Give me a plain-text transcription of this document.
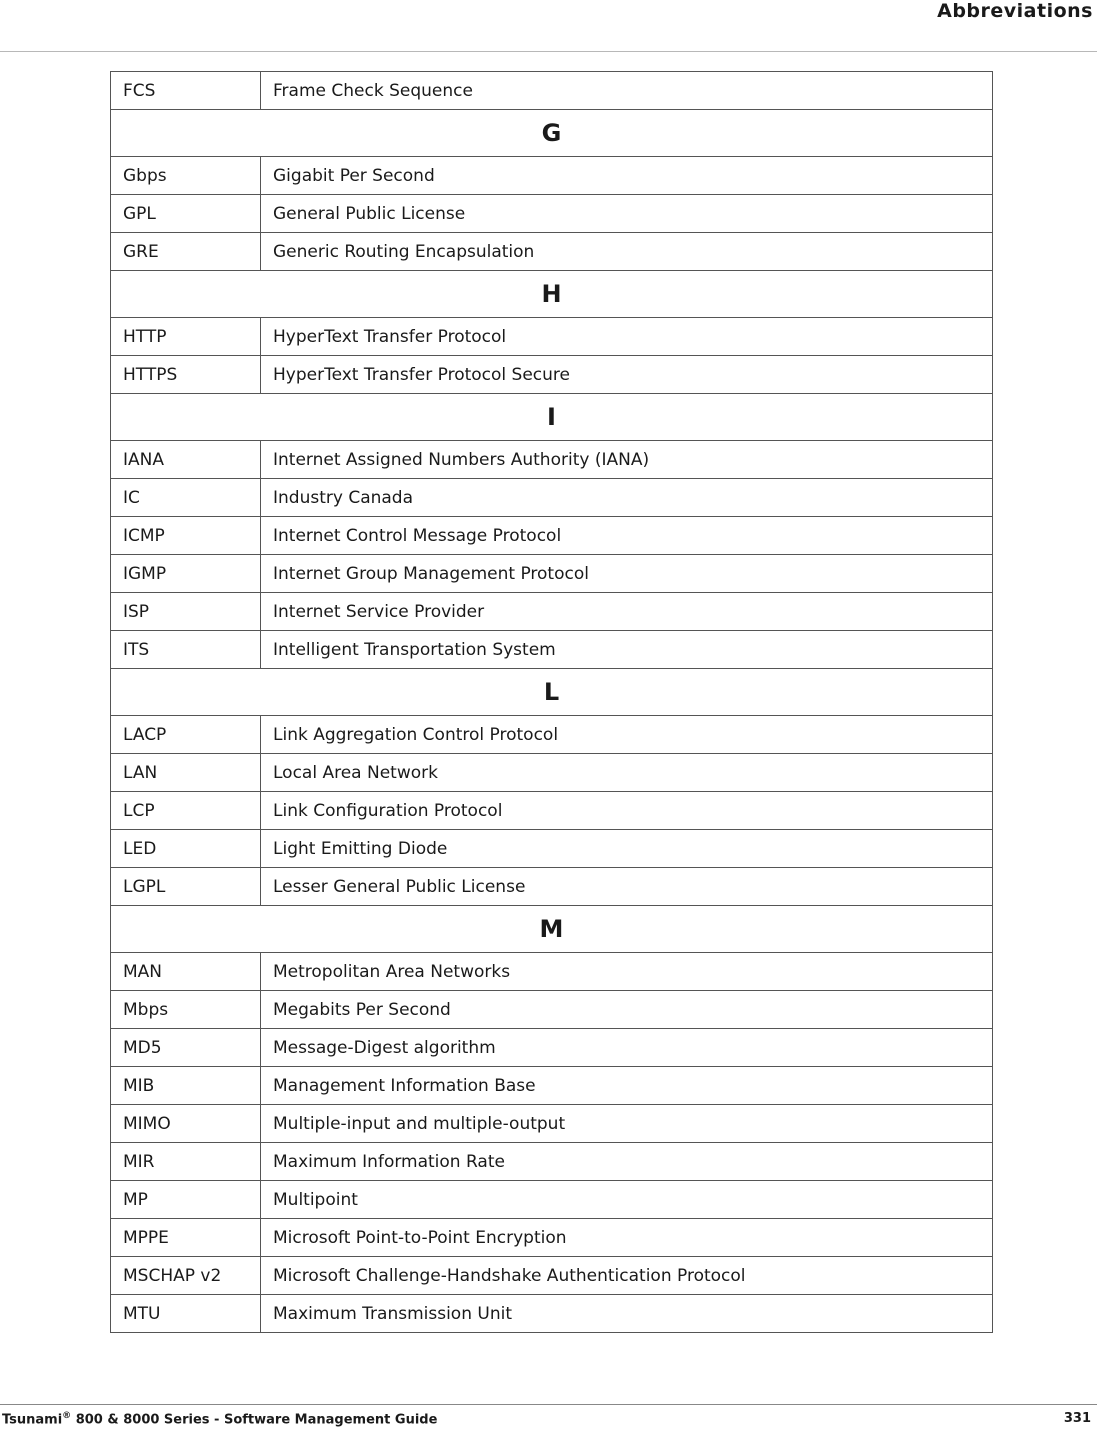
Abbreviations
FCS	Frame Check Sequence
G	
Gbps	Gigabit Per Second
GPL	General Public License
GRE	Generic Routing Encapsulation
H	
HTTP	HyperText Transfer Protocol
HTTPS	HyperText Transfer Protocol Secure
I	
IANA	Internet Assigned Numbers Authority (IANA)
IC	Industry Canada
ICMP	Internet Control Message Protocol
IGMP	Internet Group Management Protocol
ISP	Internet Service Provider
ITS	Intelligent Transportation System
L	
LACP	Link Aggregation Control Protocol
LAN	Local Area Network
LCP	Link Configuration Protocol
LED	Light Emitting Diode
LGPL	Lesser General Public License
M	
MAN	Metropolitan Area Networks
Mbps	Megabits Per Second
MD5	Message-Digest algorithm
MIB	Management Information Base
MIMO	Multiple-input and multiple-output
MIR	Maximum Information Rate
MP	Multipoint
MPPE	Microsoft Point-to-Point Encryption
MSCHAP v2	Microsoft Challenge-Handshake Authentication Protocol
MTU	Maximum Transmission Unit
Tsunami® 800 & 8000 Series - Software Management Guide	331
